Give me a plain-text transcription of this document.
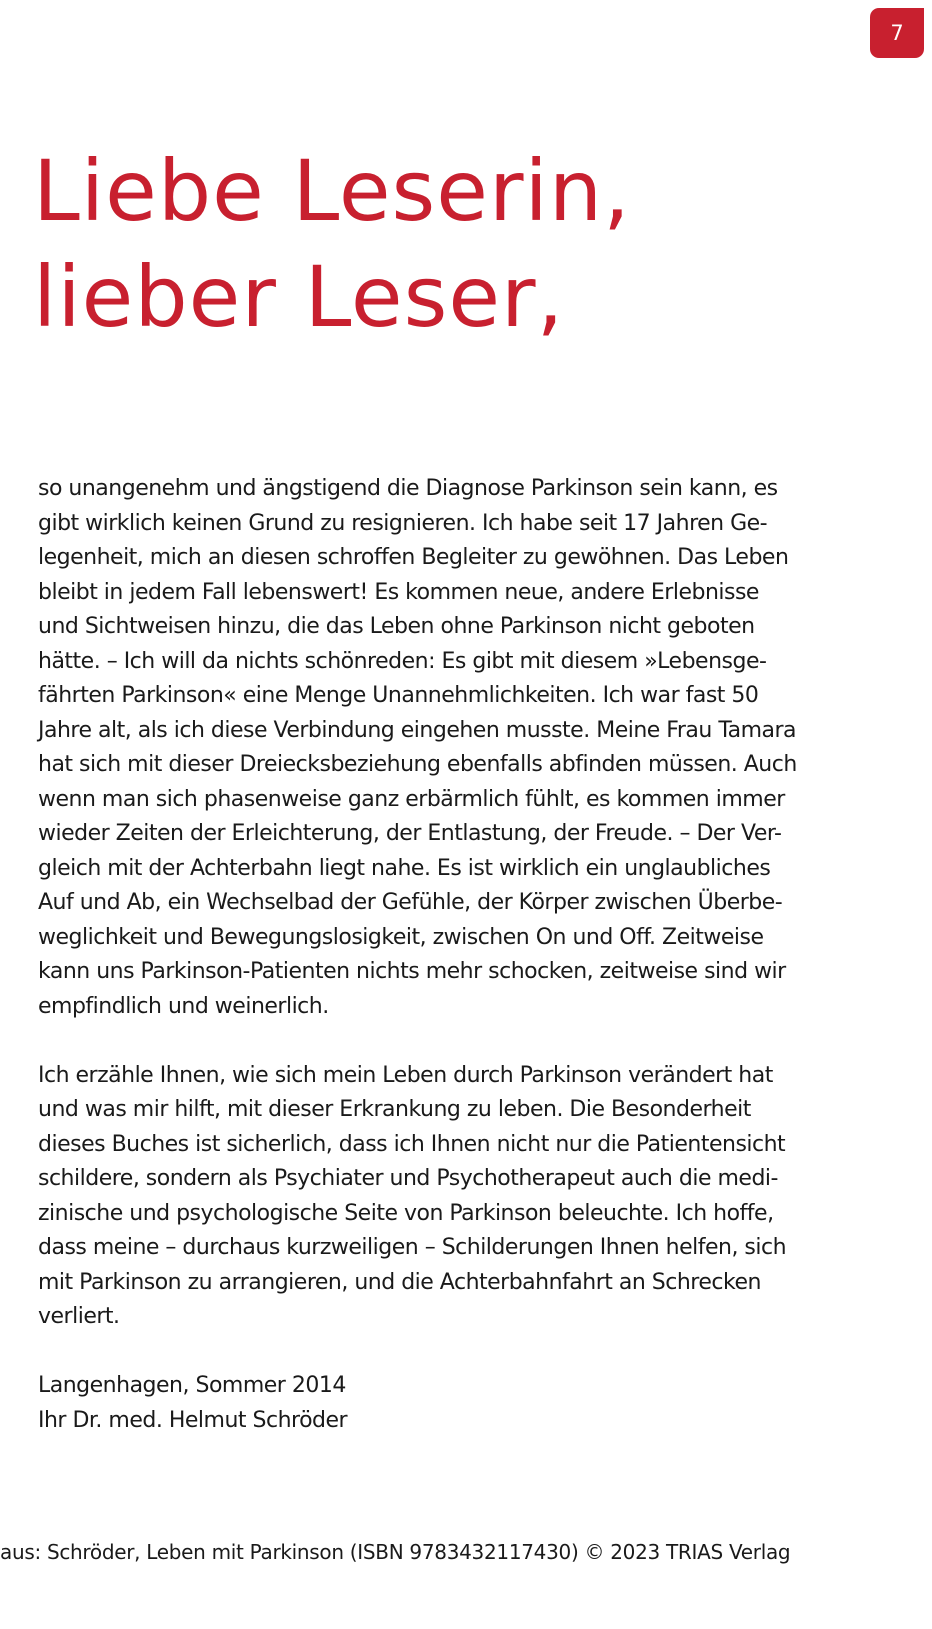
7
Liebe Leserin,
lieber Leser,
so unangenehm und ängstigend die Diagnose Parkinson sein kann, es
gibt wirklich keinen Grund zu resignieren. Ich habe seit 17 Jahren Ge-
legenheit, mich an diesen schroffen Begleiter zu gewöhnen. Das Leben
bleibt in jedem Fall lebenswert! Es kommen neue, andere Erlebnisse
und Sichtweisen hinzu, die das Leben ohne Parkinson nicht geboten
hätte. – Ich will da nichts schönreden: Es gibt mit diesem »Lebensge-
fährten Parkinson« eine Menge Unannehmlichkeiten. Ich war fast 50
Jahre alt, als ich diese Verbindung eingehen musste. Meine Frau Tamara
hat sich mit dieser Dreiecksbeziehung ebenfalls abfinden müssen. Auch
wenn man sich phasenweise ganz erbärmlich fühlt, es kommen immer
wieder Zeiten der Erleichterung, der Entlastung, der Freude. – Der Ver-
gleich mit der Achterbahn liegt nahe. Es ist wirklich ein unglaubliches
Auf und Ab, ein Wechselbad der Gefühle, der Körper zwischen Überbe-
weglichkeit und Bewegungslosigkeit, zwischen On und Off. Zeitweise
kann uns Parkinson-Patienten nichts mehr schocken, zeitweise sind wir
empfindlich und weinerlich.
Ich erzähle Ihnen, wie sich mein Leben durch Parkinson verändert hat
und was mir hilft, mit dieser Erkrankung zu leben. Die Besonderheit
dieses Buches ist sicherlich, dass ich Ihnen nicht nur die Patientensicht
schildere, sondern als Psychiater und Psychotherapeut auch die medi-
zinische und psychologische Seite von Parkinson beleuchte. Ich hoffe,
dass meine – durchaus kurzweiligen – Schilderungen Ihnen helfen, sich
mit Parkinson zu arrangieren, und die Achterbahnfahrt an Schrecken
verliert.
Langenhagen, Sommer 2014
Ihr Dr. med. Helmut Schröder
aus: Schröder, Leben mit Parkinson (ISBN 9783432117430) © 2023 TRIAS Verlag
